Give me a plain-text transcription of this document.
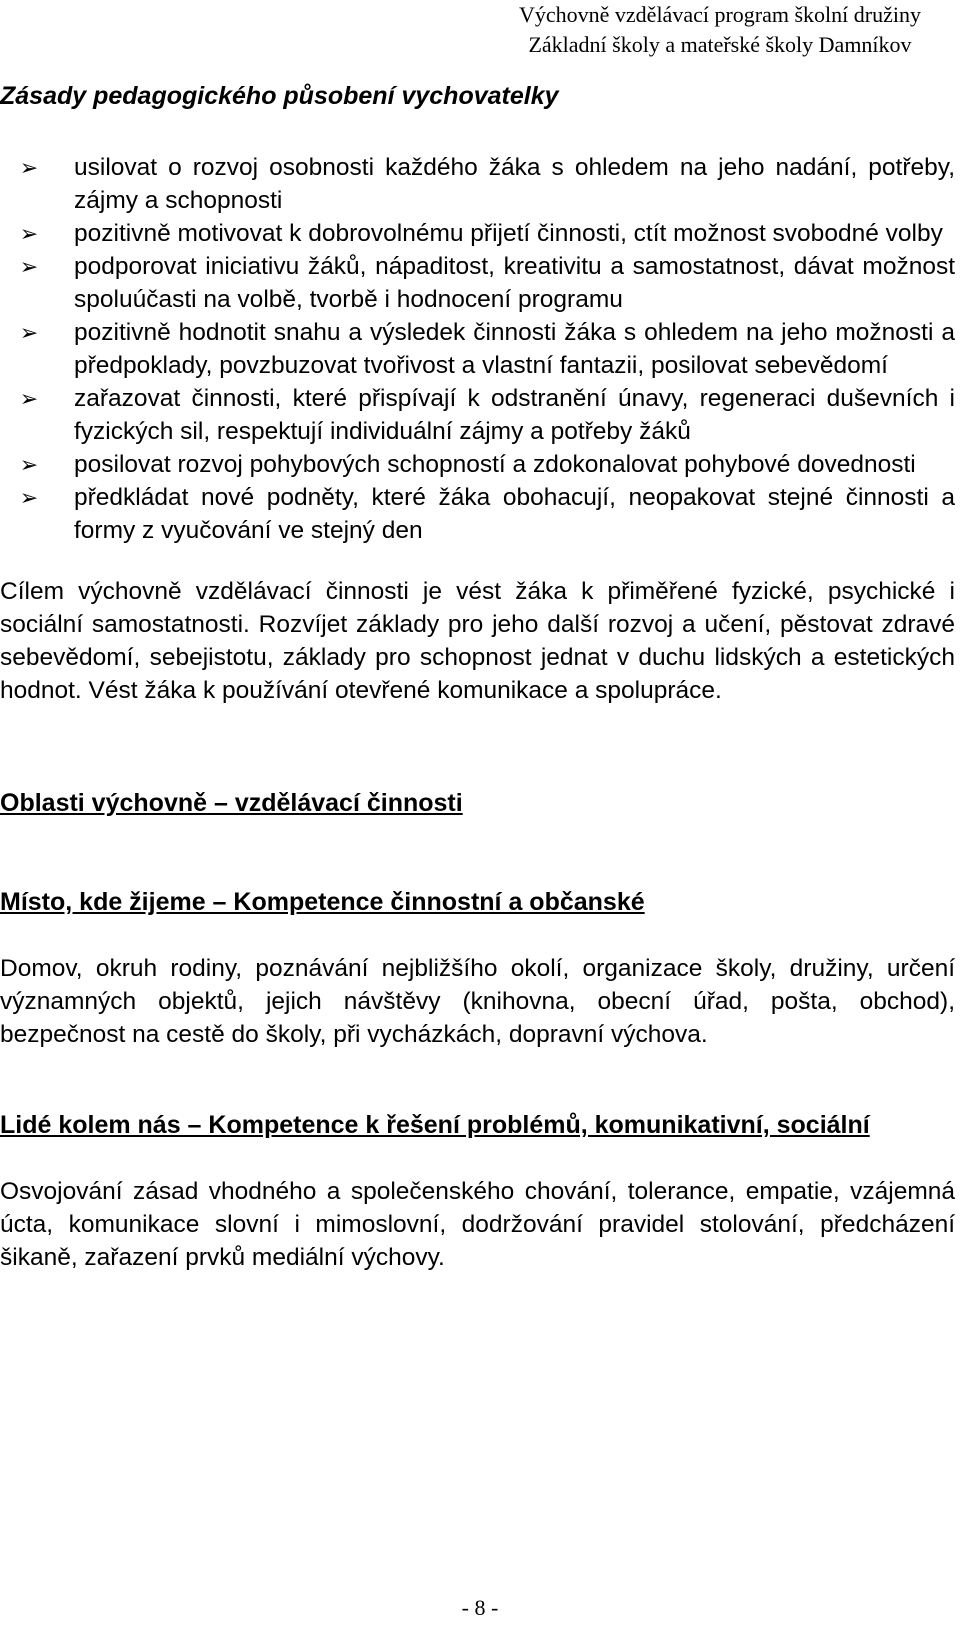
Výchovně vzdělávací program školní družiny
Základní školy a mateřské školy Damníkov
Zásady pedagogického působení vychovatelky
➢ usilovat o rozvoj osobnosti každého žáka s ohledem na jeho nadání, potřeby, zájmy a schopnosti
➢ pozitivně motivovat k dobrovolnému přijetí činnosti, ctít možnost svobodné volby
➢ podporovat iniciativu žáků, nápaditost, kreativitu a samostatnost, dávat možnost spoluúčasti na volbě, tvorbě i hodnocení programu
➢ pozitivně hodnotit snahu a výsledek činnosti žáka s ohledem na jeho možnosti a předpoklady, povzbuzovat tvořivost a vlastní fantazii, posilovat sebevědomí
➢ zařazovat činnosti, které přispívají k odstranění únavy, regeneraci duševních i fyzických sil, respektují individuální zájmy a potřeby žáků
➢ posilovat rozvoj pohybových schopností a zdokonalovat pohybové dovednosti
➢ předkládat nové podněty, které žáka obohacují, neopakovat stejné činnosti a formy z vyučování ve stejný den

Cílem výchovně vzdělávací činnosti je vést žáka k přiměřené fyzické, psychické i sociální samostatnosti. Rozvíjet základy pro jeho další rozvoj a učení, pěstovat zdravé sebevědomí, sebejistotu, základy pro schopnost jednat v duchu lidských a estetických hodnot. Vést žáka k používání otevřené komunikace a spolupráce.

Oblasti výchovně – vzdělávací činnosti
Místo, kde žijeme – Kompetence činnostní a občanské

Domov, okruh rodiny, poznávání nejbližšího okolí, organizace školy, družiny, určení významných objektů, jejich návštěvy (knihovna, obecní úřad, pošta, obchod), bezpečnost na cestě do školy, při vycházkách, dopravní výchova.

Lidé kolem nás – Kompetence k řešení problémů, komunikativní, sociální

Osvojování zásad vhodného a společenského chování, tolerance, empatie, vzájemná úcta, komunikace slovní i mimoslovní, dodržování pravidel stolování, předcházení šikaně, zařazení prvků mediální výchovy.

- 8 -
